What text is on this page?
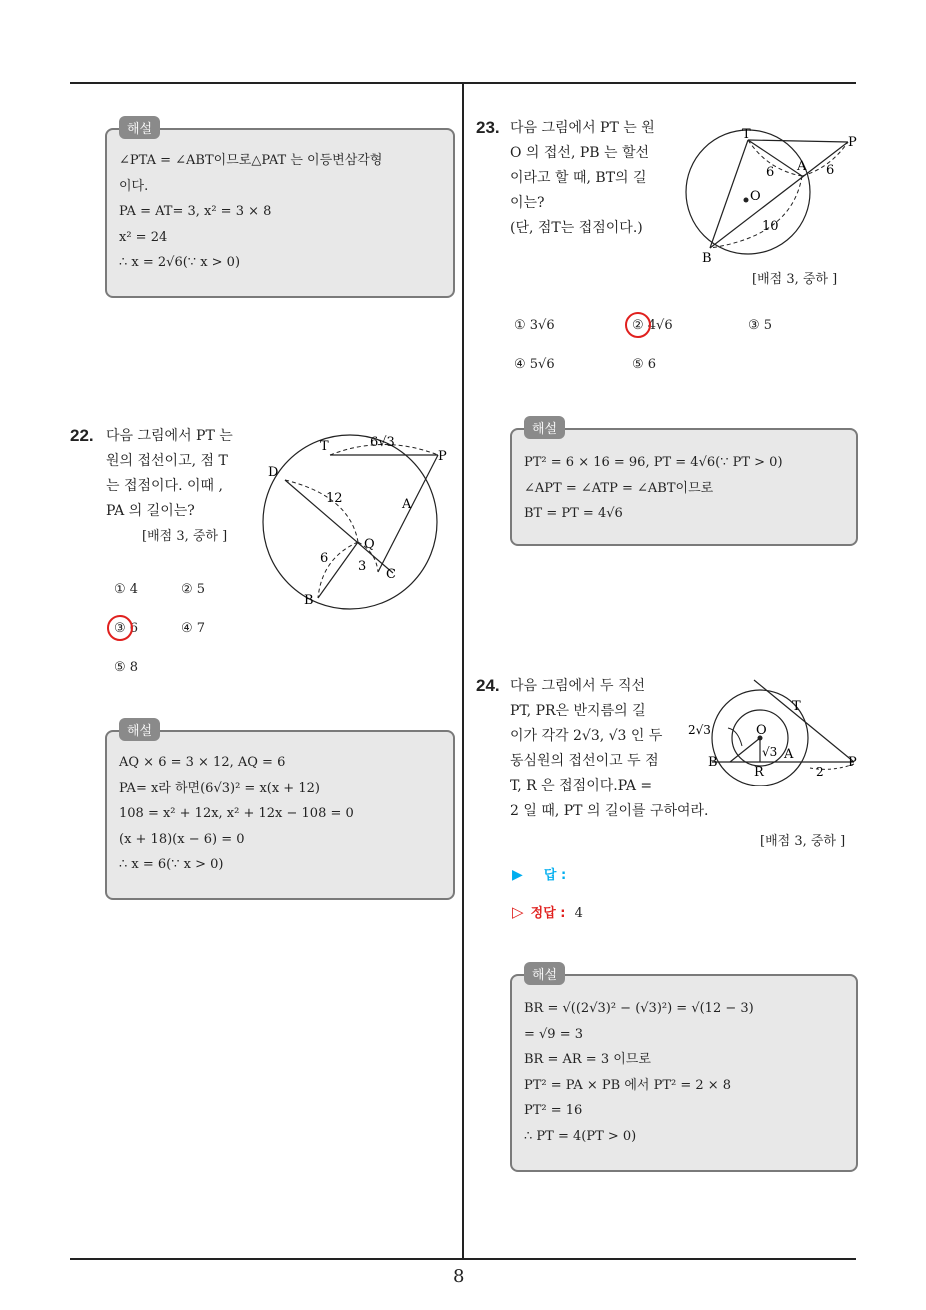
8
해설
∠PTA = ∠ABT이므로△PAT 는 이등변삼각형
이다.
PA = AT= 3, x² = 3 × 8
x² = 24
∴ x = 2√6(∵ x > 0)
22. 다음 그림에서 PT 는
원의 접선이고, 점 T
는 접점이다. 이때 ,
PA 의 길이는?
[배점 3, 중하 ]
T	6√3
P
D
12	A
Q
6
3
C
B
① 4	② 5
③ 6	④ 7
⑤ 8
해설
AQ × 6 = 3 × 12, AQ = 6
PA= x라 하면(6√3)² = x(x + 12)
108 = x² + 12x, x² + 12x − 108 = 0
(x + 18)(x − 6) = 0
∴ x = 6(∵ x > 0)
23. 다음 그림에서 PT 는 원
O 의 접선, PB 는 할선
이라고 할 때, BT의 길
이는?
(단, 점T는 접점이다.)
[배점 3, 중하 ]
T
P
6 A 6
O
10
B
① 3√6	② 4√6	③ 5
④ 5√6	⑤ 6
해설
PT² = 6 × 16 = 96, PT = 4√6(∵ PT > 0)
∠APT = ∠ATP = ∠ABT이므로
BT = PT = 4√6
24. 다음 그림에서 두 직선
PT, PR은 반지름의 길
이가 각각 2√3, √3 인 두
동심원의 접선이고 두 점
T, R 은 접점이다.PA =
2 일 때, PT 의 길이를 구하여라.
[배점 3, 중하 ]
T
2√3	O
√3 A
B
R	2
P
▶ 답 :
▷ 정답 : 4
해설
BR = √((2√3)² − (√3)²) = √(12 − 3)
= √9 = 3
BR = AR = 3 이므로
PT² = PA × PB 에서 PT² = 2 × 8
PT² = 16
∴ PT = 4(PT > 0)
